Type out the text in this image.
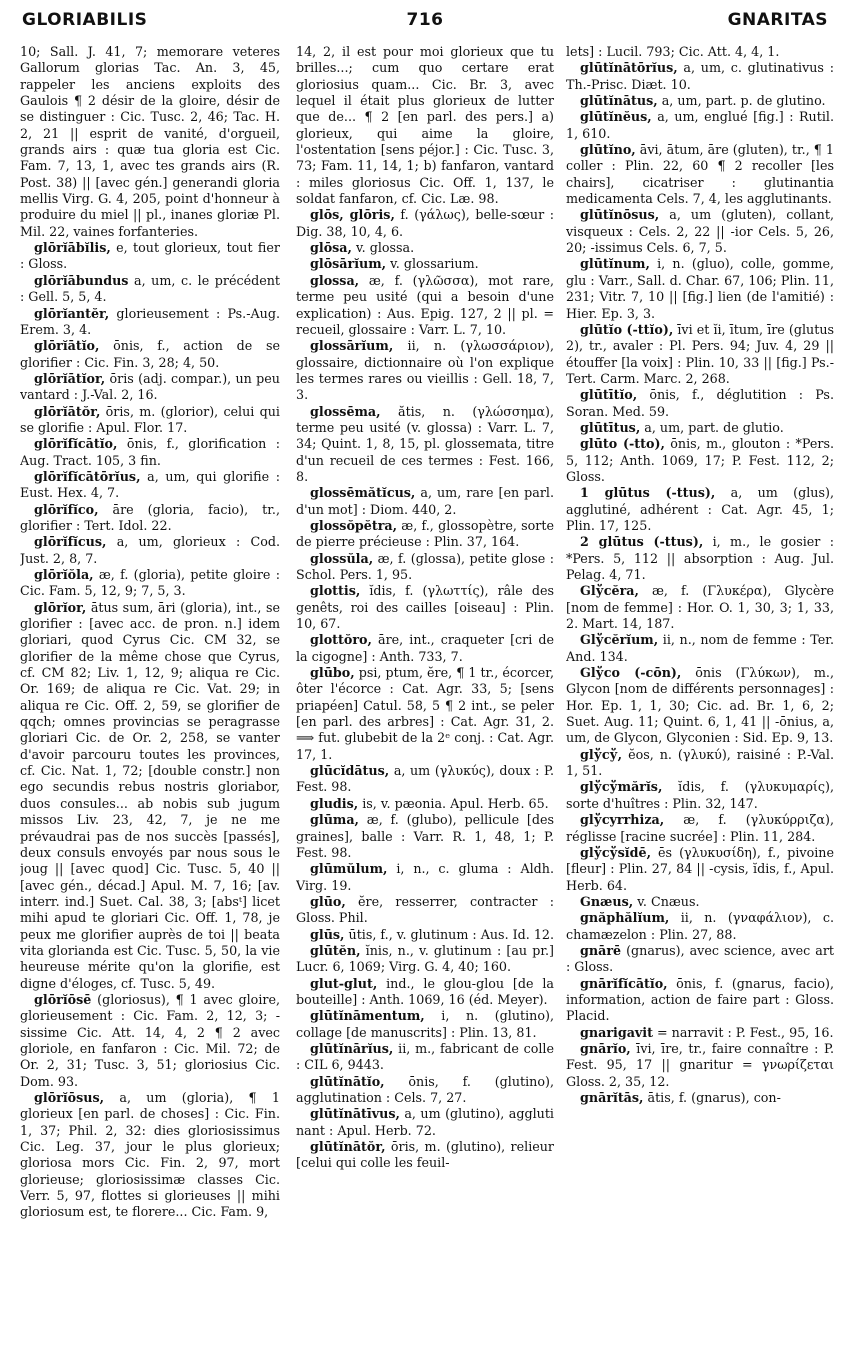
GLORIABILIS	716	GNARITAS

10; Sall. J. 41, 7; memorare veteres Gallorum glorias Tac. An. 3, 45, rappeler les anciens exploits des Gaulois ¶ 2 désir de la gloire, désir de se distinguer : Cic. Tusc. 2, 46; Tac. H. 2, 21 || esprit de vanité, d'orgueil, grands airs : quæ tua gloria est Cic. Fam. 7, 13, 1, avec tes grands airs (R. Post. 38) || [avec gén.] generandi gloria mellis Virg. G. 4, 205, point d'honneur à produire du miel || pl., inanes gloriæ Pl. Mil. 22, vaines forfanteries.

glōrĭābĭlis, e, tout glorieux, tout fier : Gloss.

glōrĭābundus a, um, c. le précédent : Gell. 5, 5, 4.

glōrĭantĕr, glorieusement : Ps.-Aug. Erem. 3, 4.

glōrĭātĭo, ōnis, f., action de se glorifier : Cic. Fin. 3, 28; 4, 50.

glōrĭātĭor, ōris (adj. compar.), un peu vantard : J.-Val. 2, 16.

glōrĭātŏr, ōris, m. (glorior), celui qui se glorifie : Apul. Flor. 17.

glōrĭfĭcātĭo, ōnis, f., glorification : Aug. Tract. 105, 3 fin.

glōrĭfĭcātōrĭus, a, um, qui glorifie : Eust. Hex. 4, 7.

glōrĭfĭco, āre (gloria, facio), tr., glorifier : Tert. Idol. 22.

glōrĭfĭcus, a, um, glorieux : Cod. Just. 2, 8, 7.

glōrĭŏla, æ, f. (gloria), petite gloire : Cic. Fam. 5, 12, 9; 7, 5, 3.

glōrĭor, ātus sum, āri (gloria), int., se glorifier : [avec acc. de pron. n.] idem gloriari, quod Cyrus Cic. CM 32, se glorifier de la même chose que Cyrus, cf. CM 82; Liv. 1, 12, 9; aliqua re Cic. Or. 169; de aliqua re Cic. Vat. 29; in aliqua re Cic. Off. 2, 59, se glorifier de qqch; omnes provincias se peragrasse gloriari Cic. de Or. 2, 258, se vanter d'avoir parcouru toutes les provinces, cf. Cic. Nat. 1, 72; [double constr.] non ego secundis rebus nostris gloriabor, duos consules... ab nobis sub jugum missos Liv. 23, 42, 7, je ne me prévaudrai pas de nos succès [passés], deux consuls envoyés par nous sous le joug || [avec quod] Cic. Tusc. 5, 40 || [avec gén., décad.] Apul. M. 7, 16; [av. interr. ind.] Suet. Cal. 38, 3; [absᵗ] licet mihi apud te gloriari Cic. Off. 1, 78, je peux me glorifier auprès de toi || beata vita glorianda est Cic. Tusc. 5, 50, la vie heureuse mérite qu'on la glorifie, est digne d'éloges, cf. Tusc. 5, 49.

glōrĭōsē (gloriosus), ¶ 1 avec gloire, glorieusement : Cic. Fam. 2, 12, 3; -sissime Cic. Att. 14, 4, 2 ¶ 2 avec gloriole, en fanfaron : Cic. Mil. 72; de Or. 2, 31; Tusc. 3, 51; gloriosius Cic. Dom. 93.

glōrĭōsus, a, um (gloria), ¶ 1 glorieux [en parl. de choses] : Cic. Fin. 1, 37; Phil. 2, 32: dies gloriosissimus Cic. Leg. 37, jour le plus glorieux; gloriosa mors Cic. Fin. 2, 97, mort glorieuse; gloriosissimæ classes Cic. Verr. 5, 97, flottes si glorieuses || mihi gloriosum est, te florere... Cic. Fam. 9,

14, 2, il est pour moi glorieux que tu brilles...; cum quo certare erat gloriosius quam... Cic. Br. 3, avec lequel il était plus glorieux de lutter que de... ¶ 2 [en parl. des pers.] a) glorieux, qui aime la gloire, l'ostentation [sens péjor.] : Cic. Tusc. 3, 73; Fam. 11, 14, 1; b) fanfaron, vantard : miles gloriosus Cic. Off. 1, 137, le soldat fanfaron, cf. Cic. Læ. 98.

glōs, glōris, f. (γάλως), belle-sœur : Dig. 38, 10, 4, 6.

glōsa, v. glossa.

glōsārĭum, v. glossarium.

glossa, æ, f. (γλῶσσα), mot rare, terme peu usité (qui a besoin d'une explication) : Aus. Epig. 127, 2 || pl. = recueil, glossaire : Varr. L. 7, 10.

glossārĭum, ii, n. (γλωσσάριον), glossaire, dictionnaire où l'on explique les termes rares ou vieillis : Gell. 18, 7, 3.

glossēma, ătis, n. (γλώσσημα), terme peu usité (v. glossa) : Varr. L. 7, 34; Quint. 1, 8, 15, pl. glossemata, titre d'un recueil de ces termes : Fest. 166, 8.

glossēmătĭcus, a, um, rare [en parl. d'un mot] : Diom. 440, 2.

glossŏpĕtra, æ, f., glossopètre, sorte de pierre précieuse : Plin. 37, 164.

glossŭla, æ, f. (glossa), petite glose : Schol. Pers. 1, 95.

glottis, ĭdis, f. (γλωττίς), râle des genêts, roi des cailles [oiseau] : Plin. 10, 67.

glottŏro, āre, int., craqueter [cri de la cigogne] : Anth. 733, 7.

glūbo, psi, ptum, ĕre, ¶ 1 tr., écorcer, ôter l'écorce : Cat. Agr. 33, 5; [sens priapéen] Catul. 58, 5 ¶ 2 int., se peler [en parl. des arbres] : Cat. Agr. 31, 2. ⟹ fut. glubebit de la 2ᵉ conj. : Cat. Agr. 17, 1.

glūcĭdātus, a, um (γλυκύς), doux : P. Fest. 98.

gludis, is, v. pæonia. Apul. Herb. 65.

glūma, æ, f. (glubo), pellicule [des graines], balle : Varr. R. 1, 48, 1; P. Fest. 98.

glūmŭlum, i, n., c. gluma : Aldh. Virg. 19.

glūo, ĕre, resserrer, contracter : Gloss. Phil.

glūs, ūtis, f., v. glutinum : Aus. Id. 12.

glūtĕn, ĭnis, n., v. glutinum : [au pr.] Lucr. 6, 1069; Virg. G. 4, 40; 160.

glut-glut, ind., le glou-glou [de la bouteille] : Anth. 1069, 16 (éd. Meyer).

glūtĭnāmentum, i, n. (glutino), collage [de manuscrits] : Plin. 13, 81.

glūtĭnārĭus, ii, m., fabricant de colle : CIL 6, 9443.

glūtĭnātĭo, ōnis, f. (glutino), agglutination : Cels. 7, 27.

glūtĭnātīvus, a, um (glutino), aggluti nant : Apul. Herb. 72.

glūtĭnātŏr, ōris, m. (glutino), relieur [celui qui colle les feuil-

lets] : Lucil. 793; Cic. Att. 4, 4, 1.

glūtĭnātōrĭus, a, um, c. glutinativus : Th.-Prisc. Diæt. 10.

glūtĭnātus, a, um, part. p. de glutino.

glūtĭnĕus, a, um, englué [fig.] : Rutil. 1, 610.

glūtĭno, āvi, ātum, āre (gluten), tr., ¶ 1 coller : Plin. 22, 60 ¶ 2 recoller [les chairs], cicatriser : glutinantia medicamenta Cels. 7, 4, les agglutinants.

glūtĭnōsus, a, um (gluten), collant, visqueux : Cels. 2, 22 || -ior Cels. 5, 26, 20; -issimus Cels. 6, 7, 5.

glūtĭnum, i, n. (gluo), colle, gomme, glu : Varr., Sall. d. Char. 67, 106; Plin. 11, 231; Vitr. 7, 10 || [fig.] lien (de l'amitié) : Hier. Ep. 3, 3.

glūtĭo (-ttĭo), īvi et ĭi, ītum, īre (glutus 2), tr., avaler : Pl. Pers. 94; Juv. 4, 29 || étouffer [la voix] : Plin. 10, 33 || [fig.] Ps.-Tert. Carm. Marc. 2, 268.

glūtītĭo, ōnis, f., déglutition : Ps. Soran. Med. 59.

glūtītus, a, um, part. de glutio.

glūto (-tto), ōnis, m., glouton : *Pers. 5, 112; Anth. 1069, 17; P. Fest. 112, 2; Gloss.

1 glūtus (-ttus), a, um (glus), agglutiné, adhérent : Cat. Agr. 45, 1; Plin. 17, 125.

2 glūtus (-ttus), i, m., le gosier : *Pers. 5, 112 || absorption : Aug. Jul. Pelag. 4, 71.

Glўcĕra, æ, f. (Γλυκέρα), Glycère [nom de femme] : Hor. O. 1, 30, 3; 1, 33, 2. Mart. 14, 187.

Glўcĕrĭum, ii, n., nom de femme : Ter. And. 134.

Glўco (-cōn), ōnis (Γλύκων), m., Glycon [nom de différents personnages] : Hor. Ep. 1, 1, 30; Cic. ad. Br. 1, 6, 2; Suet. Aug. 11; Quint. 6, 1, 41 || -ōnius, a, um, de Glycon, Glyconien : Sid. Ep. 9, 13.

glўcў, ĕos, n. (γλυκύ), raisiné : P.-Val. 1, 51.

glўcўmărĭs, ĭdis, f. (γλυκυμαρίς), sorte d'huîtres : Plin. 32, 147.

glўcyrrhiza, æ, f. (γλυκύρριζα), réglisse [racine sucrée] : Plin. 11, 284.

glўcўsĭdē, ēs (γλυκυσίδη), f., pivoine [fleur] : Plin. 27, 84 || -cysis, ĭdis, f., Apul. Herb. 64.

Gnæus, v. Cnæus.

gnăphălĭum, ii, n. (γναφάλιον), c. chamæzelon : Plin. 27, 88.

gnārē (gnarus), avec science, avec art : Gloss.

gnārĭfĭcātĭo, ōnis, f. (gnarus, facio), information, action de faire part : Gloss. Placid.

gnarigavit = narravit : P. Fest., 95, 16.

gnārĭo, īvi, īre, tr., faire connaître : P. Fest. 95, 17 || gnaritur = γνωρίζεται Gloss. 2, 35, 12.

gnārĭtās, ātis, f. (gnarus), con-
